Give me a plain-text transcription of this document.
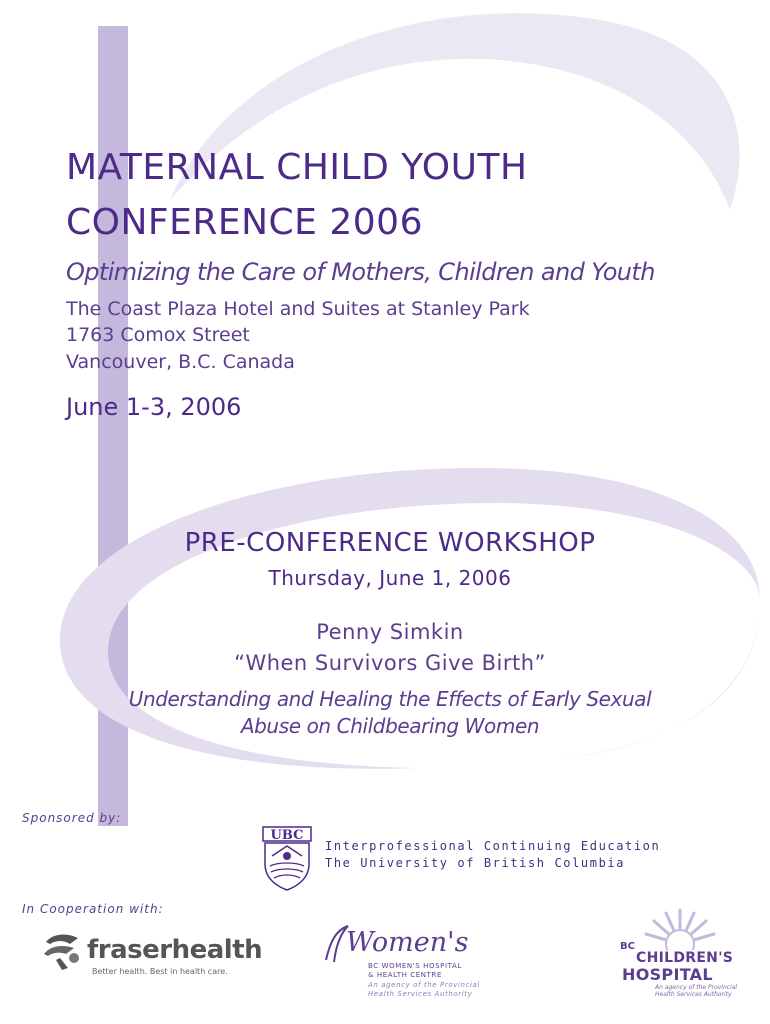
MATERNAL CHILD YOUTH
CONFERENCE 2006

Optimizing the Care of Mothers, Children and Youth

The Coast Plaza Hotel and Suites at Stanley Park

1763 Comox Street

Vancouver, B.C. Canada

June 1-3, 2006

PRE-CONFERENCE WORKSHOP

Thursday, June 1, 2006

Penny Simkin

“When Survivors Give Birth”

Understanding and Healing the Effects of Early Sexual
Abuse on Childbearing Women

Sponsored by:

UBC

Interprofessional Continuing Education

The University of British Columbia

In Cooperation with:

fraserhealth
Better health. Best in health care.
Women's
BC WOMEN'S HOSPITAL
& HEALTH CENTRE
An agency of the Provincial
Health Services Authority
BC
CHILDREN'S
HOSPITAL
An agency of the Provincial
Health Services Authority
